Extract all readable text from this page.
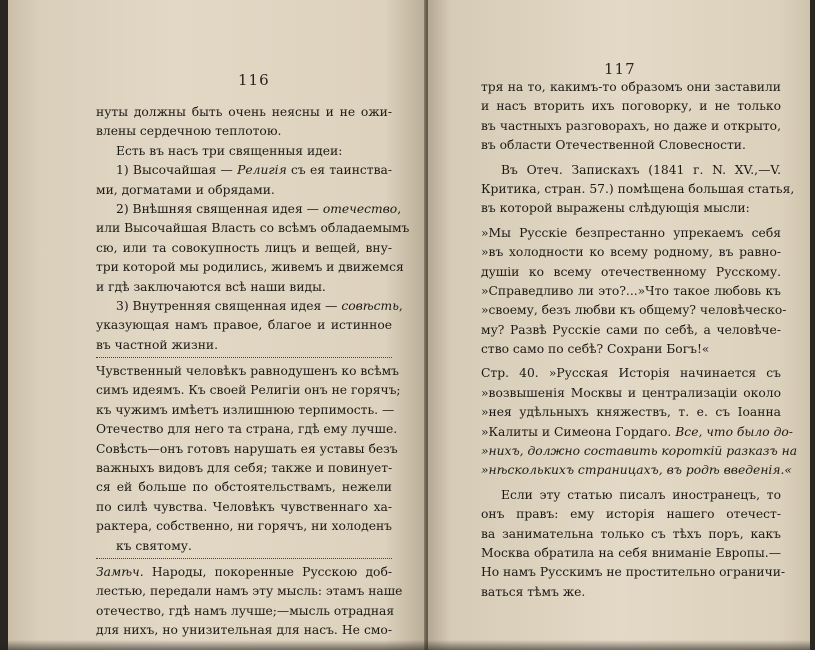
116
нуты должны быть очень неясны и не ожи-
влены сердечною теплотою.
Есть въ насъ три священныя идеи:
1) Высочайшая — Религія съ ея таинства-
ми, догматами и обрядами.
2) Внѣшняя священная идея — отечество,
или Высочайшая Власть со всѣмъ обладаемымъ
сю, или та совокупность лицъ и вещей, вну-
три которой мы родились, живемъ и движемся
и гдѣ заключаются всѣ наши виды.
3) Внутренняя священная идея — совѣсть,
указующая намъ правое, благое и истинное
въ частной жизни.
Чувственный человѣкъ равнодушенъ ко всѣмъ
симъ идеямъ. Къ своей Религіи онъ не горячъ;
къ чужимъ имѣетъ излишнюю терпимость. —
Отечество для него та страна, гдѣ ему лучше.
Совѣсть—онъ готовъ нарушать ея уставы безъ
важныхъ видовъ для себя; также и повинует-
ся ей больше по обстоятельствамъ, нежели
по силѣ чувства. Человѣкъ чувственнаго ха-
рактера, собственно, ни горячъ, ни холоденъ
къ святому.
Замѣч. Народы, покоренные Русскою доб-
лестью, передали намъ эту мысль: этамъ наше
отечество, гдѣ намъ лучше;—мысль отрадная
для нихъ, но унизительная для насъ. Не смо-
117
тря на то, какимъ-то образомъ они заставили
и насъ вторить ихъ поговорку, и не только
въ частныхъ разговорахъ, но даже и открыто,
въ области Отечественной Словесности.
Въ Отеч. Запискахъ (1841 г. N. XV.,—V.
Критика, стран. 57.) помѣщена большая статья,
въ которой выражены слѣдующія мысли:
»Мы Русскіе безпрестанно упрекаемъ себя
»въ холодности ко всему родному, въ равно-
душіи ко всему отечественному Русскому.
»Справедливо ли это?...»Что такое любовь къ
»своему, безъ любви къ общему? человѣческо-
му? Развѣ Русскіе сами по себѣ, а человѣче-
ство само по себѣ? Сохрани Богъ!«
Стр. 40. »Русская Исторія начинается съ
»возвышенія Москвы и централизаціи около
»нея удѣльныхъ княжествъ, т. е. съ Іоанна
»Калиты и Симеона Гордаго. Все, что было до-
»нихъ, должно составить короткій разказъ на
»нѣсколькихъ страницахъ, въ родѣ введенія.«
Если эту статью писалъ иностранецъ, то
онъ правъ: ему исторія нашего отечест-
ва занимательна только съ тѣхъ поръ, какъ
Москва обратила на себя вниманіе Европы.—
Но намъ Русскимъ не простительно ограничи-
ваться тѣмъ же.
